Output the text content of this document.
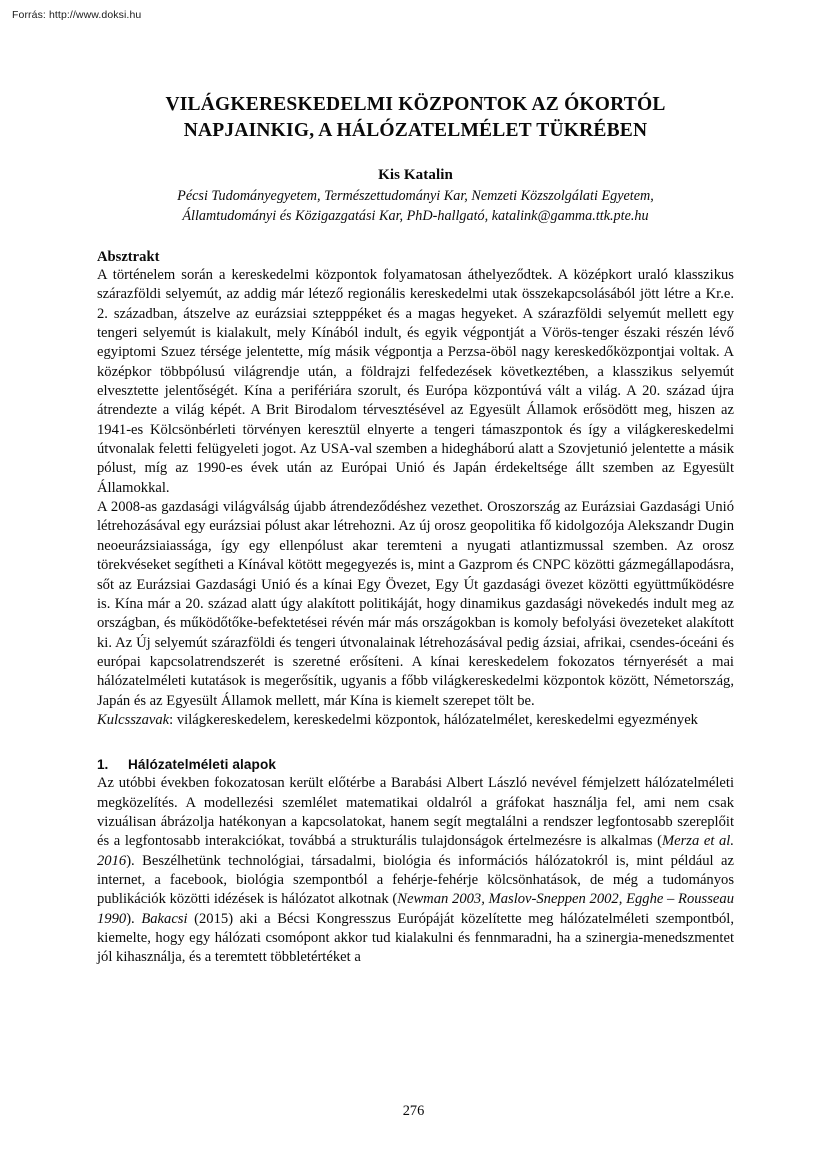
Forrás: http://www.doksi.hu
VILÁGKERESKEDELMI KÖZPONTOK AZ ÓKORTÓL
NAPJAINKIG, A HÁLÓZATELMÉLET TÜKRÉBEN
Kis Katalin
Pécsi Tudományegyetem, Természettudományi Kar, Nemzeti Közszolgálati Egyetem,
Államtudományi és Közigazgatási Kar, PhD-hallgató, katalink@gamma.ttk.pte.hu
Absztrakt

A történelem során a kereskedelmi központok folyamatosan áthelyeződtek. A középkort uraló klasszikus szárazföldi selyemút, az addig már létező regionális kereskedelmi utak összekapcsolásából jött létre a Kr.e. 2. században, átszelve az eurázsiai sztepppéket és a magas hegyeket. A szárazföldi selyemút mellett egy tengeri selyemút is kialakult, mely Kínából indult, és egyik végpontját a Vörös-tenger északi részén lévő egyiptomi Szuez térsége jelentette, míg másik végpontja a Perzsa-öböl nagy kereskedőközpontjai voltak. A középkor többpólusú világrendje után, a földrajzi felfedezések következtében, a klasszikus selyemút elvesztette jelentőségét. Kína a perifériára szorult, és Európa központúvá vált a világ. A 20. század újra átrendezte a világ képét. A Brit Birodalom térvesztésével az Egyesült Államok erősödött meg, hiszen az 1941-es Kölcsönbérleti törvényen keresztül elnyerte a tengeri támaszpontok és így a világkereskedelmi útvonalak feletti felügyeleti jogot. Az USA-val szemben a hidegháború alatt a Szovjetunió jelentette a másik pólust, míg az 1990-es évek után az Európai Unió és Japán érdekeltsége állt szemben az Egyesült Államokkal.

A 2008-as gazdasági világválság újabb átrendeződéshez vezethet. Oroszország az Eurázsiai Gazdasági Unió létrehozásával egy eurázsiai pólust akar létrehozni. Az új orosz geopolitika fő kidolgozója Alekszandr Dugin neoeurázsiaiassága, így egy ellenpólust akar teremteni a nyugati atlantizmussal szemben. Az orosz törekvéseket segítheti a Kínával kötött megegyezés is, mint a Gazprom és CNPC közötti gázmegállapodásra, sőt az Eurázsiai Gazdasági Unió és a kínai Egy Övezet, Egy Út gazdasági övezet közötti együttműködésre is. Kína már a 20. század alatt úgy alakított politikáját, hogy dinamikus gazdasági növekedés indult meg az országban, és működőtőke-befektetései révén már más országokban is komoly befolyási övezeteket alakított ki. Az Új selyemút szárazföldi és tengeri útvonalainak létrehozásával pedig ázsiai, afrikai, csendes-óceáni és európai kapcsolatrendszerét is szeretné erősíteni. A kínai kereskedelem fokozatos térnyerését a mai hálózatelméleti kutatások is megerősítik, ugyanis a főbb világkereskedelmi központok között, Németország, Japán és az Egyesült Államok mellett, már Kína is kiemelt szerepet tölt be.

Kulcsszavak: világkereskedelem, kereskedelmi központok, hálózatelmélet, kereskedelmi egyezmények

1.	Hálózatelméleti alapok

Az utóbbi években fokozatosan került előtérbe a Barabási Albert László nevével fémjelzett hálózatelméleti megközelítés. A modellezési szemlélet matematikai oldalról a gráfokat használja fel, ami nem csak vizuálisan ábrázolja hatékonyan a kapcsolatokat, hanem segít megtalálni a rendszer legfontosabb szereplőit és a legfontosabb interakciókat, továbbá a strukturális tulajdonságok értelmezésre is alkalmas (Merza et al. 2016). Beszélhetünk technológiai, társadalmi, biológia és információs hálózatokról is, mint például az internet, a facebook, biológia szempontból a fehérje-fehérje kölcsönhatások, de még a tudományos publikációk közötti idézések is hálózatot alkotnak (Newman 2003, Maslov-Sneppen 2002, Egghe – Rousseau 1990). Bakacsi (2015) aki a Bécsi Kongresszus Európáját közelítette meg hálózatelméleti szempontból, kiemelte, hogy egy hálózati csomópont akkor tud kialakulni és fennmaradni, ha a szinergia-menedszmentet jól kihasználja, és a teremtett többletértéket a

276
